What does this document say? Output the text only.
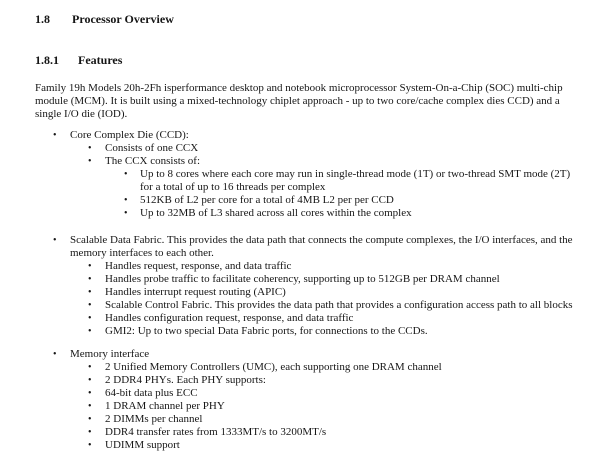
1.8	Processor Overview
1.8.1	Features
Family 19h Models 20h-2Fh isperformance desktop and notebook microprocessor System-On-a-Chip (SOC) multi-chip
module (MCM). It is built using a mixed-technology chiplet approach - up to two core/cache complex dies CCD) and a
single I/O die (IOD).
•	Core Complex Die (CCD):
•	Consists of one CCX
•	The CCX consists of:
•	Up to 8 cores where each core may run in single-thread mode (1T) or two-thread SMT mode (2T)
for a total of up to 16 threads per complex
•	512KB of L2 per core for a total of 4MB L2 per per CCD
•	Up to 32MB of L3 shared across all cores within the complex
•	Scalable Data Fabric. This provides the data path that connects the compute complexes, the I/O interfaces, and the
memory interfaces to each other.
•	Handles request, response, and data traffic
•	Handles probe traffic to facilitate coherency, supporting up to 512GB per DRAM channel
•	Handles interrupt request routing (APIC)
•	Scalable Control Fabric. This provides the data path that provides a configuration access path to all blocks
•	Handles configuration request, response, and data traffic
•	GMI2: Up to two special Data Fabric ports, for connections to the CCDs.
•	Memory interface
•	2 Unified Memory Controllers (UMC), each supporting one DRAM channel
•	2 DDR4 PHYs. Each PHY supports:
•	64-bit data plus ECC
•	1 DRAM channel per PHY
•	2 DIMMs per channel
•	DDR4 transfer rates from 1333MT/s to 3200MT/s
•	UDIMM support
